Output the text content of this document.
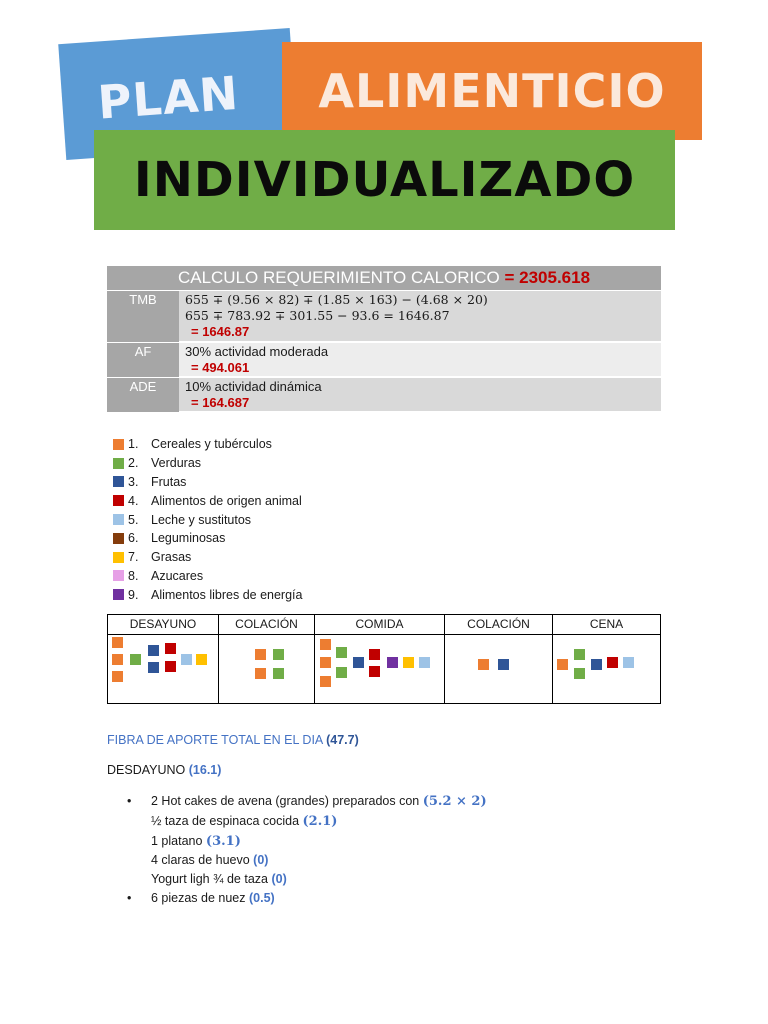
PLAN	ALIMENTICIO
INDIVIDUALIZADO
CALCULO REQUERIMIENTO CALORICO = 2305.618
TMB	655 ∓ (9.56 × 82) ∓ (1.85 × 163) − (4.68 × 20)
655 ∓ 783.92 ∓ 301.55 − 93.6 = 1646.87
= 1646.87
AF	30% actividad moderada
= 494.061
ADE	10% actividad dinámica
= 164.687
1.	Cereales y tubérculos
2.	Verduras
3.	Frutas
4.	Alimentos de origen animal
5.	Leche y sustitutos
6.	Leguminosas
7.	Grasas
8.	Azucares
9.	Alimentos libres de energía
DESAYUNO	COLACIÓN	COMIDA	COLACIÓN	CENA
FIBRA DE APORTE TOTAL EN EL DIA (47.7)
DESDAYUNO (16.1)
• 2 Hot cakes de avena (grandes) preparados con (5.2 × 2)
½ taza de espinaca cocida (2.1)
1 platano (3.1)
4 claras de huevo (0)
Yogurt ligh ¾ de taza (0)
• 6 piezas de nuez (0.5)
